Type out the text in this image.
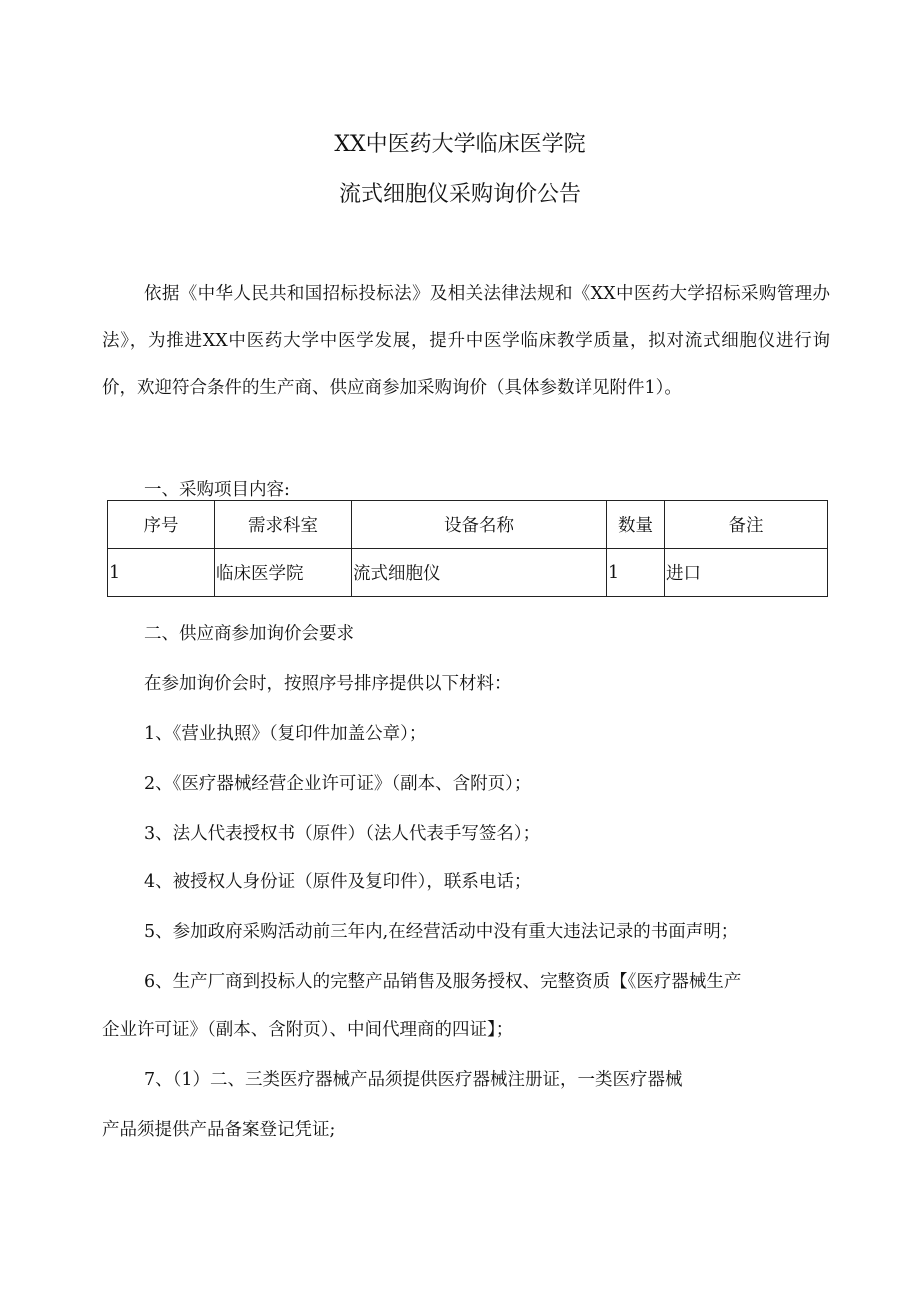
XX中医药大学临床医学院
流式细胞仪采购询价公告
依据《中华人民共和国招标投标法》及相关法律法规和《XX中医药大学招标采购管理办法》，为推进XX中医药大学中医学发展，提升中医学临床教学质量，拟对流式细胞仪进行询价，欢迎符合条件的生产商、供应商参加采购询价（具体参数详见附件1）。
一、采购项目内容:
序号	需求科室	设备名称	数量	备注
1	临床医学院	流式细胞仪	1	进口
二、供应商参加询价会要求
在参加询价会时，按照序号排序提供以下材料：
1、《营业执照》（复印件加盖公章）；
2、《医疗器械经营企业许可证》（副本、含附页）；
3、法人代表授权书（原件）（法人代表手写签名）；
4、被授权人身份证（原件及复印件），联系电话；
5、参加政府采购活动前三年内,在经营活动中没有重大违法记录的书面声明；
6、生产厂商到投标人的完整产品销售及服务授权、完整资质【《医疗器械生产
企业许可证》（副本、含附页）、中间代理商的四证】；
7、（1）二、三类医疗器械产品须提供医疗器械注册证，一类医疗器械
产品须提供产品备案登记凭证;
